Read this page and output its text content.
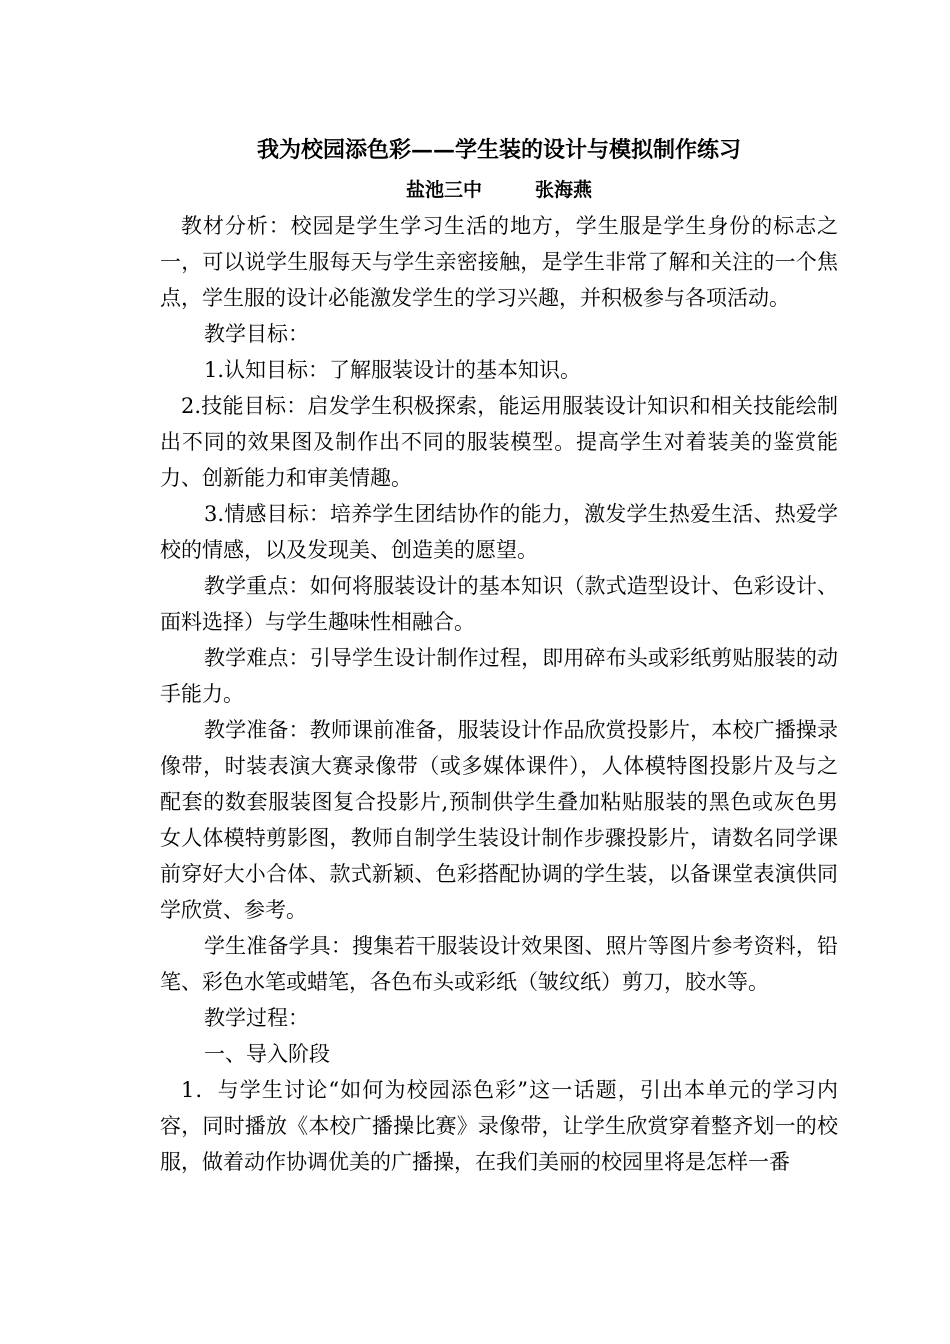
我为校园添色彩——学生装的设计与模拟制作练习

盐池三中        张海燕

教材分析：校园是学生学习生活的地方，学生服是学生身份的标志之一，可以说学生服每天与学生亲密接触，是学生非常了解和关注的一个焦点，学生服的设计必能激发学生的学习兴趣，并积极参与各项活动。

教学目标：

1.认知目标：了解服装设计的基本知识。

2.技能目标：启发学生积极探索，能运用服装设计知识和相关技能绘制出不同的效果图及制作出不同的服装模型。提高学生对着装美的鉴赏能力、创新能力和审美情趣。

3.情感目标：培养学生团结协作的能力，激发学生热爱生活、热爱学校的情感，以及发现美、创造美的愿望。

教学重点：如何将服装设计的基本知识（款式造型设计、色彩设计、面料选择）与学生趣味性相融合。

教学难点：引导学生设计制作过程，即用碎布头或彩纸剪贴服装的动手能力。

教学准备：教师课前准备，服装设计作品欣赏投影片，本校广播操录像带，时装表演大赛录像带（或多媒体课件），人体模特图投影片及与之配套的数套服装图复合投影片,预制供学生叠加粘贴服装的黑色或灰色男女人体模特剪影图，教师自制学生装设计制作步骤投影片，请数名同学课前穿好大小合体、款式新颖、色彩搭配协调的学生装，以备课堂表演供同学欣赏、参考。

学生准备学具：搜集若干服装设计效果图、照片等图片参考资料，铅笔、彩色水笔或蜡笔，各色布头或彩纸（皱纹纸）剪刀，胶水等。

教学过程：

一、导入阶段

1．与学生讨论“如何为校园添色彩”这一话题，引出本单元的学习内容，同时播放《本校广播操比赛》录像带，让学生欣赏穿着整齐划一的校服，做着动作协调优美的广播操，在我们美丽的校园里将是怎样一番
